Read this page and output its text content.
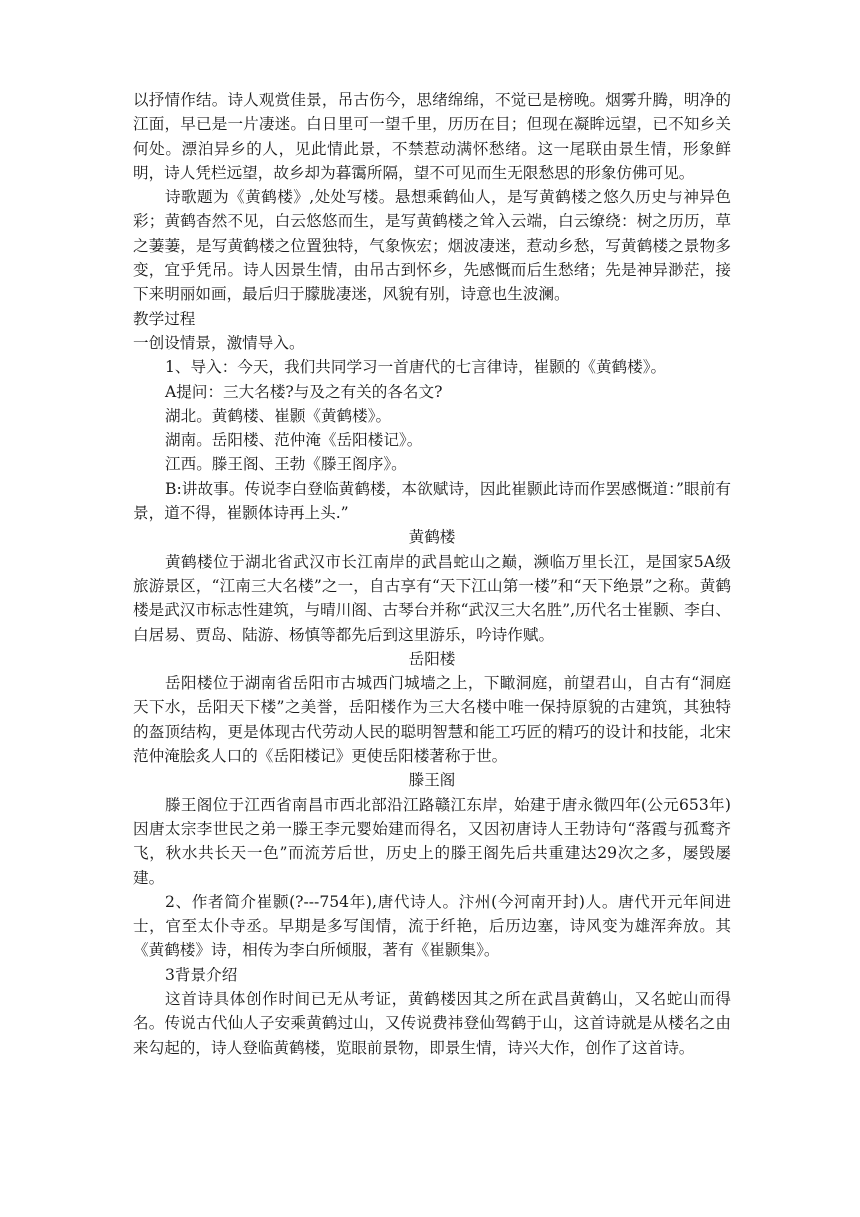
以抒情作结。诗人观赏佳景，吊古伤今，思绪绵绵，不觉已是榜晚。烟雾升腾，明净的江面，早已是一片凄迷。白日里可一望千里，历历在目；但现在凝眸远望，已不知乡关何处。漂泊异乡的人，见此情此景，不禁惹动满怀愁绪。这一尾联由景生情，形象鲜明，诗人凭栏远望，故乡却为暮霭所隔，望不可见而生无限愁思的形象仿佛可见。

诗歌题为《黄鹤楼》,处处写楼。悬想乘鹤仙人，是写黄鹤楼之悠久历史与神异色彩；黄鹤杳然不见，白云悠悠而生，是写黄鹤楼之耸入云端，白云缭绕：树之历历，草之萋萋，是写黄鹤楼之位置独特，气象恢宏；烟波凄迷，惹动乡愁，写黄鹤楼之景物多变，宜乎凭吊。诗人因景生情，由吊古到怀乡，先感慨而后生愁绪；先是神异渺茫，接下来明丽如画，最后归于朦胧凄迷，风貌有别，诗意也生波澜。

教学过程

一创设情景，激情导入。

1、导入：今天，我们共同学习一首唐代的七言律诗，崔颢的《黄鹤楼》。

A提问：三大名楼?与及之有关的各名文?

湖北。黄鹤楼、崔颢《黄鹤楼》。

湖南。岳阳楼、范仲淹《岳阳楼记》。

江西。滕王阁、王勃《滕王阁序》。

B:讲故事。传说李白登临黄鹤楼，本欲赋诗，因此崔颢此诗而作罢感慨道：”眼前有景，道不得，崔颢体诗再上头.”

黄鹤楼

黄鹤楼位于湖北省武汉市长江南岸的武昌蛇山之巅，濒临万里长江，是国家5A级旅游景区，“江南三大名楼”之一，自古享有“天下江山第一楼”和“天下绝景”之称。黄鹤楼是武汉市标志性建筑，与晴川阁、古琴台并称“武汉三大名胜”,历代名士崔颢、李白、白居易、贾岛、陆游、杨慎等都先后到这里游乐，吟诗作赋。

岳阳楼

岳阳楼位于湖南省岳阳市古城西门城墙之上，下瞰洞庭，前望君山，自古有“洞庭天下水，岳阳天下楼”之美誉，岳阳楼作为三大名楼中唯一保持原貌的古建筑，其独特的盔顶结构，更是体现古代劳动人民的聪明智慧和能工巧匠的精巧的设计和技能，北宋范仲淹脍炙人口的《岳阳楼记》更使岳阳楼著称于世。

滕王阁

滕王阁位于江西省南昌市西北部沿江路赣江东岸，始建于唐永微四年(公元653年)因唐太宗李世民之弟一滕王李元婴始建而得名，又因初唐诗人王勃诗句“落霞与孤鹜齐飞，秋水共长天一色”而流芳后世，历史上的滕王阁先后共重建达29次之多，屡毁屡建。

2、作者简介崔颢(?---754年),唐代诗人。汴州(今河南开封)人。唐代开元年间进士，官至太仆寺丞。早期是多写闺情，流于纤艳，后历边塞，诗风变为雄浑奔放。其《黄鹤楼》诗，相传为李白所倾服，著有《崔颢集》。

3背景介绍

这首诗具体创作时间已无从考证，黄鹤楼因其之所在武昌黄鹤山，又名蛇山而得名。传说古代仙人子安乘黄鹤过山，又传说费祎登仙驾鹤于山，这首诗就是从楼名之由来勾起的，诗人登临黄鹤楼，览眼前景物，即景生情，诗兴大作，创作了这首诗。
